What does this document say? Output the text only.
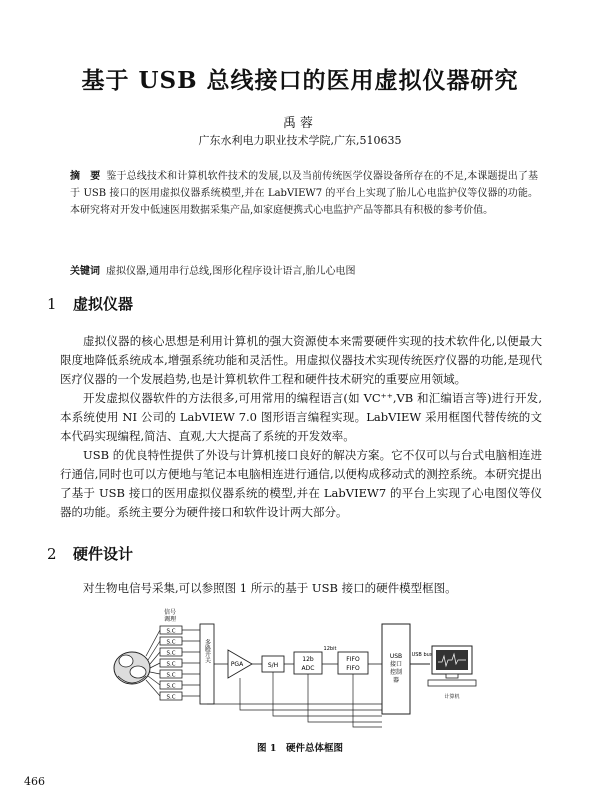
基于 USB 总线接口的医用虚拟仪器研究
禹蓉
广东水利电力职业技术学院,广东,510635
摘　要 鉴于总线技术和计算机软件技术的发展,以及当前传统医学仪器设备所存在的不足,本课题提出了基于 USB 接口的医用虚拟仪器系统模型,并在 LabVIEW7 的平台上实现了胎儿心电监护仪等仪器的功能。本研究将对开发中低速医用数据采集产品,如家庭便携式心电监护产品等都具有积极的参考价值。
关键词 虚拟仪器,通用串行总线,图形化程序设计语言,胎儿心电图
1 虚拟仪器
虚拟仪器的核心思想是利用计算机的强大资源使本来需要硬件实现的技术软件化,以便最大限度地降低系统成本,增强系统功能和灵活性。用虚拟仪器技术实现传统医疗仪器的功能,是现代医疗仪器的一个发展趋势,也是计算机软件工程和硬件技术研究的重要应用领域。
开发虚拟仪器软件的方法很多,可用常用的编程语言(如 VC⁺⁺,VB 和汇编语言等)进行开发,本系统使用 NI 公司的 LabVIEW 7.0 图形语言编程实现。LabVIEW 采用框图代替传统的文本代码实现编程,简洁、直观,大大提高了系统的开发效率。
USB 的优良特性提供了外设与计算机接口良好的解决方案。它不仅可以与台式电脑相连进行通信,同时也可以方便地与笔记本电脑相连进行通信,以便构成移动式的测控系统。本研究提出了基于 USB 接口的医用虚拟仪器系统的模型,并在 LabVIEW7 的平台上实现了心电图仪等仪器的功能。系统主要分为硬件接口和软件设计两大部分。
2 硬件设计
对生物电信号采集,可以参照图 1 所示的基于 USB 接口的硬件模型框图。
信号
调理
S.C
S.C
S.C
S.C
S.C
S.C
S.C
多路开关
PGA	S/H
12b
ADC
12bit
FIFO
FIFO
USB
接口
控制
器
USB bus
计算机
图 1　硬件总体框图
466
